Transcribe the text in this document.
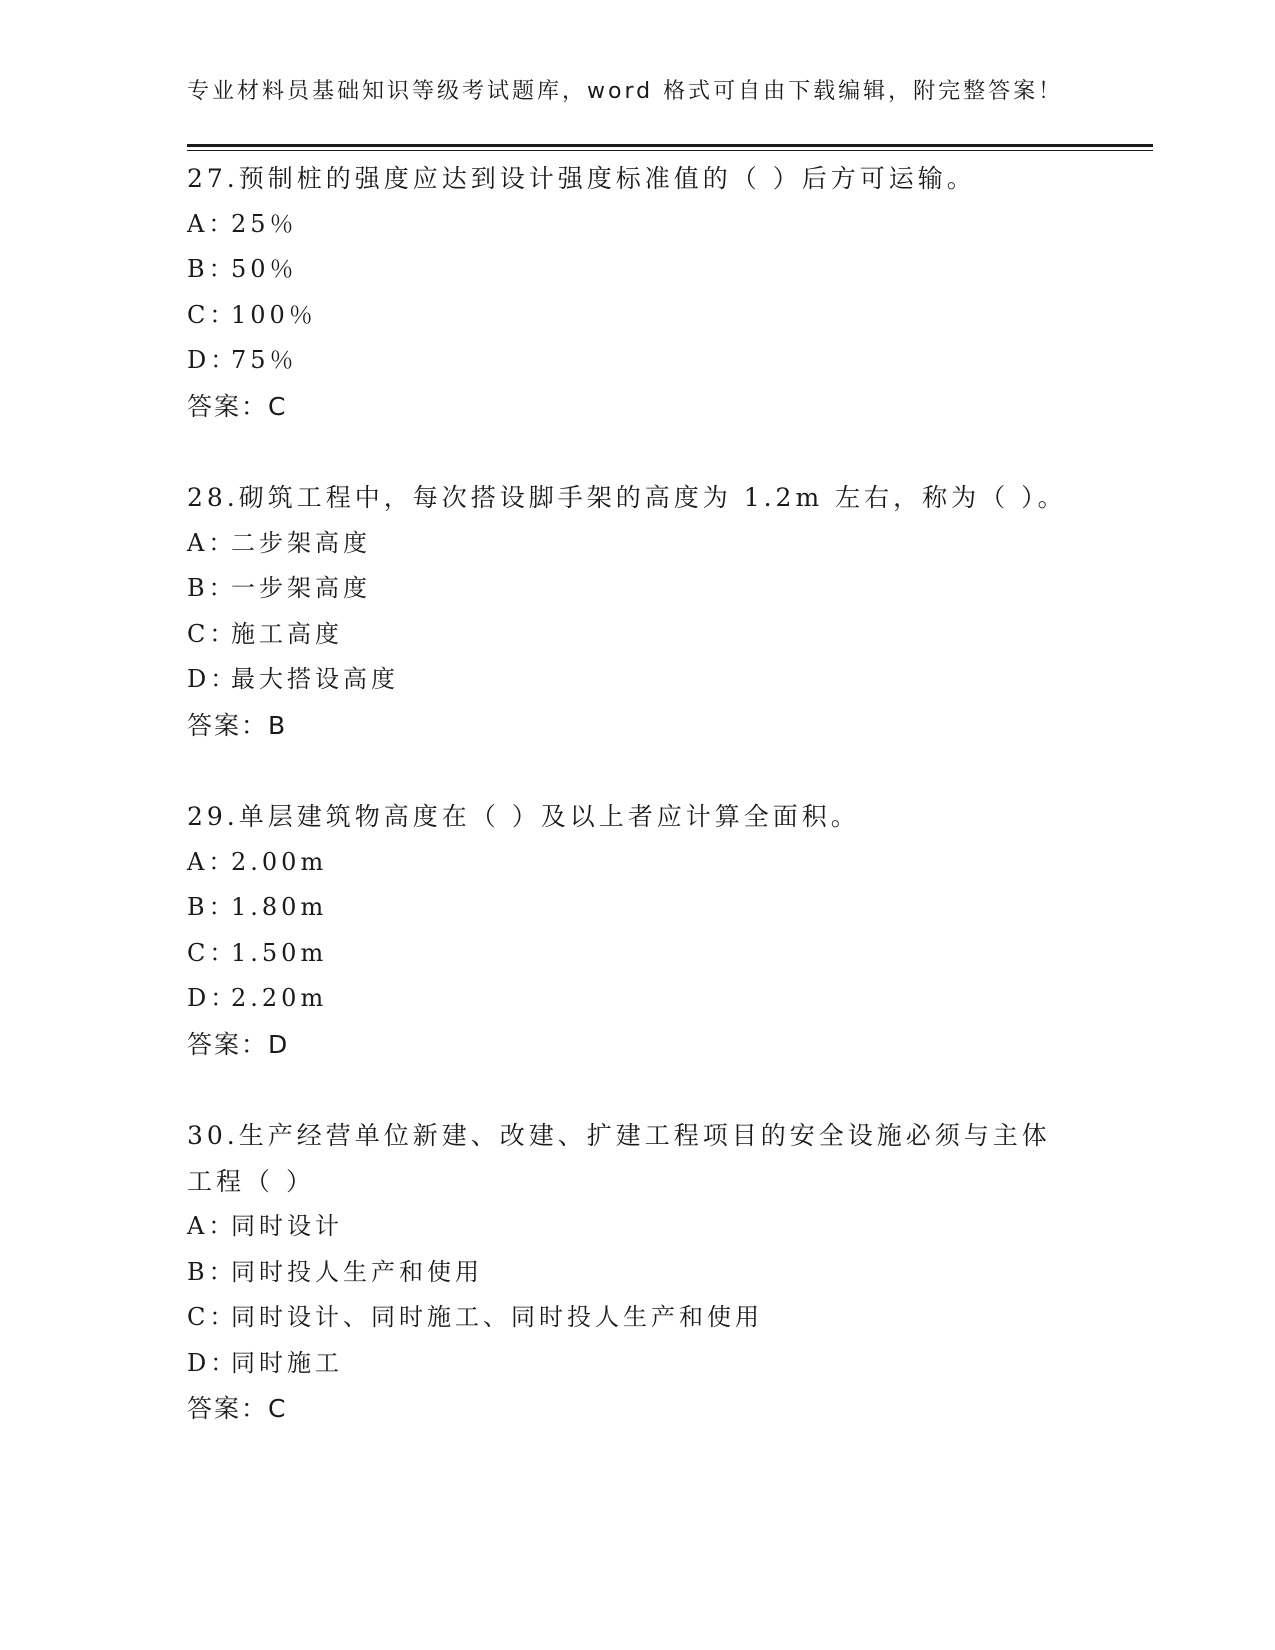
专业材料员基础知识等级考试题库，word 格式可自由下载编辑，附完整答案！
27.预制桩的强度应达到设计强度标准值的（ ）后方可运输。
A：25％
B：50％
C：100％
D：75％
答案：C
28.砌筑工程中，每次搭设脚手架的高度为 1.2m 左右，称为（ ）。
A：二步架高度
B：一步架高度
C：施工高度
D：最大搭设高度
答案：B
29.单层建筑物高度在（ ）及以上者应计算全面积。
A：2.00m
B：1.80m
C：1.50m
D：2.20m
答案：D
30.生产经营单位新建、改建、扩建工程项目的安全设施必须与主体工程（ ）
A：同时设计
B：同时投人生产和使用
C：同时设计、同时施工、同时投人生产和使用
D：同时施工
答案：C
